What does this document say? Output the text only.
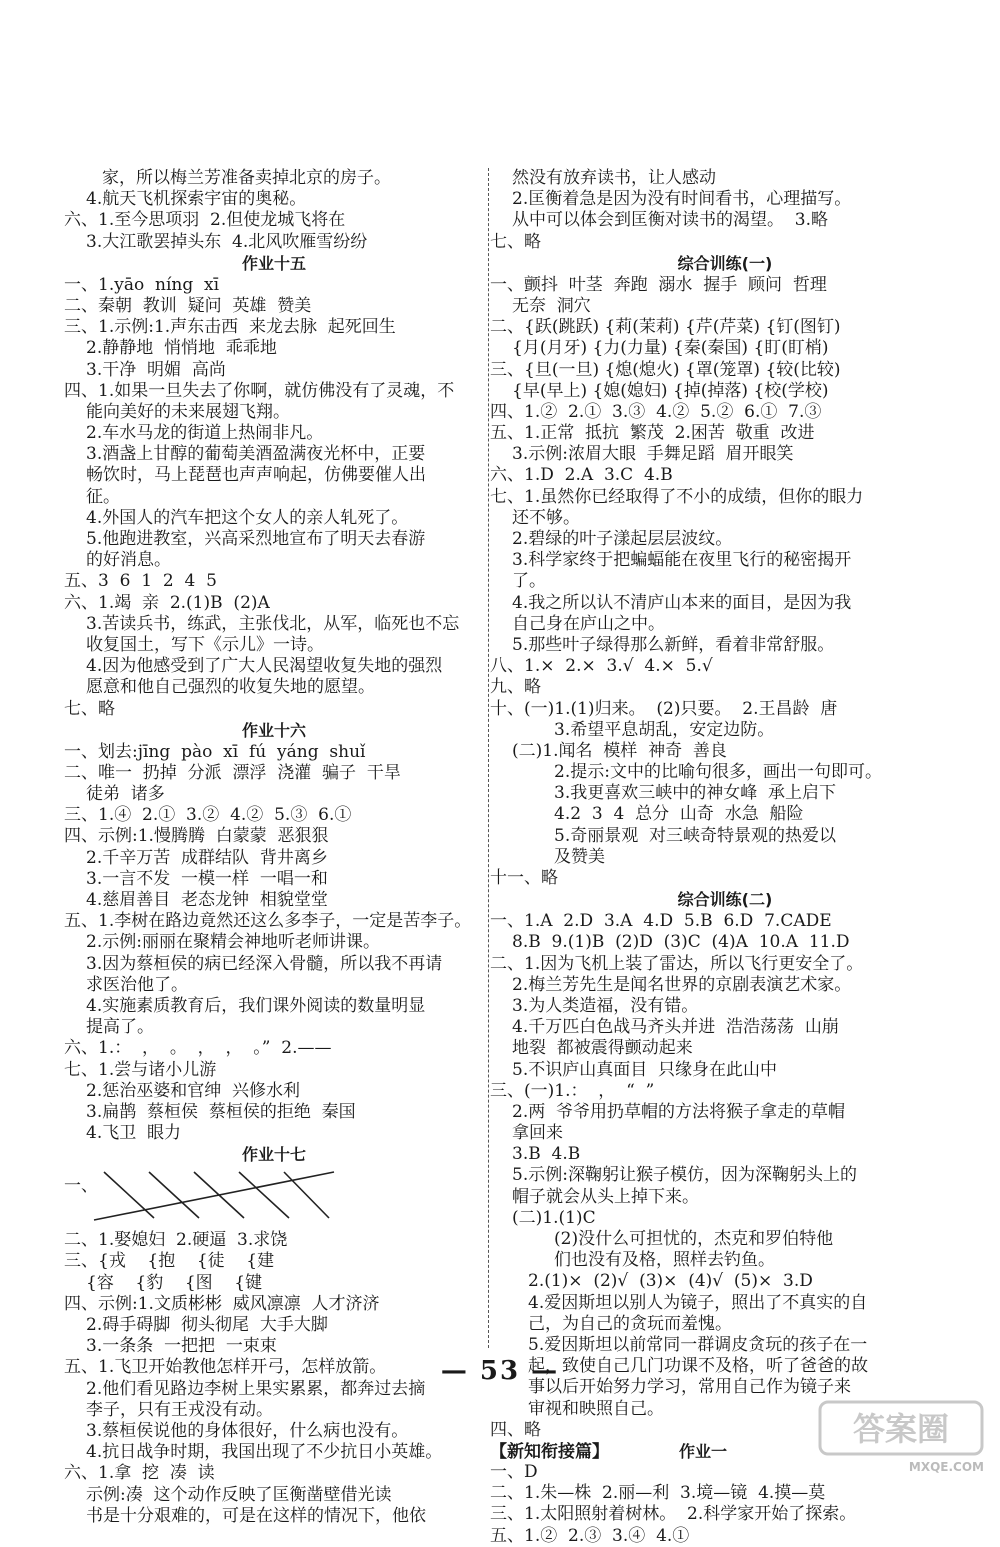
家，所以梅兰芳准备卖掉北京的房子。
4.航天飞机探索宇宙的奥秘。
六、1.至今思项羽  2.但使龙城飞将在
3.大江歌罢掉头东  4.北风吹雁雪纷纷
作业十五
一、1.yāo  níng  xī
二、秦朝  教训  疑问  英雄  赞美
三、1.示例:1.声东击西  来龙去脉  起死回生
2.静静地  悄悄地  乖乖地
3.干净  明媚  高尚
四、1.如果一旦失去了你啊，就仿佛没有了灵魂，不
能向美好的未来展翅飞翔。
2.车水马龙的街道上热闹非凡。
3.酒盏上甘醇的葡萄美酒盈满夜光杯中，正要
畅饮时，马上琵琶也声声响起，仿佛要催人出
征。
4.外国人的汽车把这个女人的亲人轧死了。
5.他跑进教室，兴高采烈地宣布了明天去春游
的好消息。
五、3  6  1  2  4  5
六、1.竭  亲  2.(1)B  (2)A
3.苦读兵书，练武，主张伐北，从军，临死也不忘
收复国土，写下《示儿》一诗。
4.因为他感受到了广大人民渴望收复失地的强烈
愿意和他自己强烈的收复失地的愿望。
七、略
作业十六
一、划去:jīng  pào  xī  fú  yáng  shuǐ
二、唯一  扔掉  分派  漂浮  浇灌  骗子  干旱
徒弟  诸多
三、1.④  2.①  3.②  4.②  5.③  6.①
四、示例:1.慢腾腾  白蒙蒙  恶狠狠
2.千辛万苦  成群结队  背井离乡
3.一言不发  一模一样  一唱一和
4.慈眉善目  老态龙钟  相貌堂堂
五、1.李树在路边竟然还这么多李子，一定是苦李子。
2.示例:丽丽在聚精会神地听老师讲课。
3.因为蔡桓侯的病已经深入骨髓，所以我不再请
求医治他了。
4.实施素质教育后，我们课外阅读的数量明显
提高了。
六、1.：  ，  。  ，  ，  。”  2.——
七、1.尝与诸小儿游
2.惩治巫婆和官绅  兴修水利
3.扁鹊  蔡桓侯  蔡桓侯的拒绝  秦国
4.飞卫  眼力
作业十七
一、
二、1.娶媳妇  2.硬逼  3.求饶
三、{戎    {抱    {徒    {建
{容    {豹    {图    {键
四、示例:1.文质彬彬  威风凛凛  人才济济
2.碍手碍脚  彻头彻尾  大手大脚
3.一条条  一把把  一束束
五、1.飞卫开始教他怎样开弓，怎样放箭。
2.他们看见路边李树上果实累累，都奔过去摘
李子，只有王戎没有动。
3.蔡桓侯说他的身体很好，什么病也没有。
4.抗日战争时期，我国出现了不少抗日小英雄。
六、1.拿  挖  凑  读
示例:凑  这个动作反映了匡衡凿壁借光读
书是十分艰难的，可是在这样的情况下，他依
然没有放弃读书，让人感动
2.匡衡着急是因为没有时间看书，心理描写。
从中可以体会到匡衡对读书的渴望。  3.略
七、略
综合训练(一)
一、颤抖  叶茎  奔跑  溺水  握手  顾问  哲理
无奈  洞穴
二、{跃(跳跃) {莉(茉莉) {芹(芹菜) {钉(图钉)
{月(月牙) {力(力量) {秦(秦国) {盯(盯梢)
三、{旦(一旦) {熄(熄火) {罩(笼罩) {较(比较)
{早(早上) {媳(媳妇) {掉(掉落) {校(学校)
四、1.②  2.①  3.③  4.②  5.②  6.①  7.③
五、1.正常  抵抗  繁茂  2.困苦  敬重  改进
3.示例:浓眉大眼  手舞足蹈  眉开眼笑
六、1.D  2.A  3.C  4.B
七、1.虽然你已经取得了不小的成绩，但你的眼力
还不够。
2.碧绿的叶子漾起层层波纹。
3.科学家终于把蝙蝠能在夜里飞行的秘密揭开
了。
4.我之所以认不清庐山本来的面目，是因为我
自己身在庐山之中。
5.那些叶子绿得那么新鲜，看着非常舒服。
八、1.×  2.×  3.√  4.×  5.√
九、略
十、(一)1.(1)归来。  (2)只要。  2.王昌龄  唐
3.希望平息胡乱，安定边防。
(二)1.闻名  模样  神奇  善良
2.提示:文中的比喻句很多，画出一句即可。
3.我更喜欢三峡中的神女峰  承上启下
4.2  3  4  总分  山奇  水急  船险
5.奇丽景观  对三峡奇特景观的热爱以
及赞美
十一、略
综合训练(二)
一、1.A  2.D  3.A  4.D  5.B  6.D  7.CADE
8.B  9.(1)B  (2)D  (3)C  (4)A  10.A  11.D
二、1.因为飞机上装了雷达，所以飞行更安全了。
2.梅兰芳先生是闻名世界的京剧表演艺术家。
3.为人类造福，没有错。
4.千万匹白色战马齐头并进  浩浩荡荡  山崩
地裂  都被震得颤动起来
5.不识庐山真面目  只缘身在此山中
三、(一)1.：  ，  “  ”
2.两  爷爷用扔草帽的方法将猴子拿走的草帽
拿回来
3.B  4.B
5.示例:深鞠躬让猴子模仿，因为深鞠躬头上的
帽子就会从头上掉下来。
(二)1.(1)C
(2)没什么可担忧的，杰克和罗伯特他
们也没有及格，照样去钓鱼。
2.(1)×  (2)√  (3)×  (4)√  (5)×  3.D
4.爱因斯坦以别人为镜子，照出了不真实的自
己，为自己的贪玩而羞愧。
5.爱因斯坦以前常同一群调皮贪玩的孩子在一
起，致使自己几门功课不及格，听了爸爸的故
事以后开始努力学习，常用自己作为镜子来
审视和映照自己。
四、略
【新知衔接篇】	作业一
一、D
二、1.朱—株  2.丽—利  3.境—镜  4.摸—莫
三、1.太阳照射着树林。  2.科学家开始了探索。
五、1.②  2.③  3.④  4.①
— 53 —
答案圈
MXQE.COM
